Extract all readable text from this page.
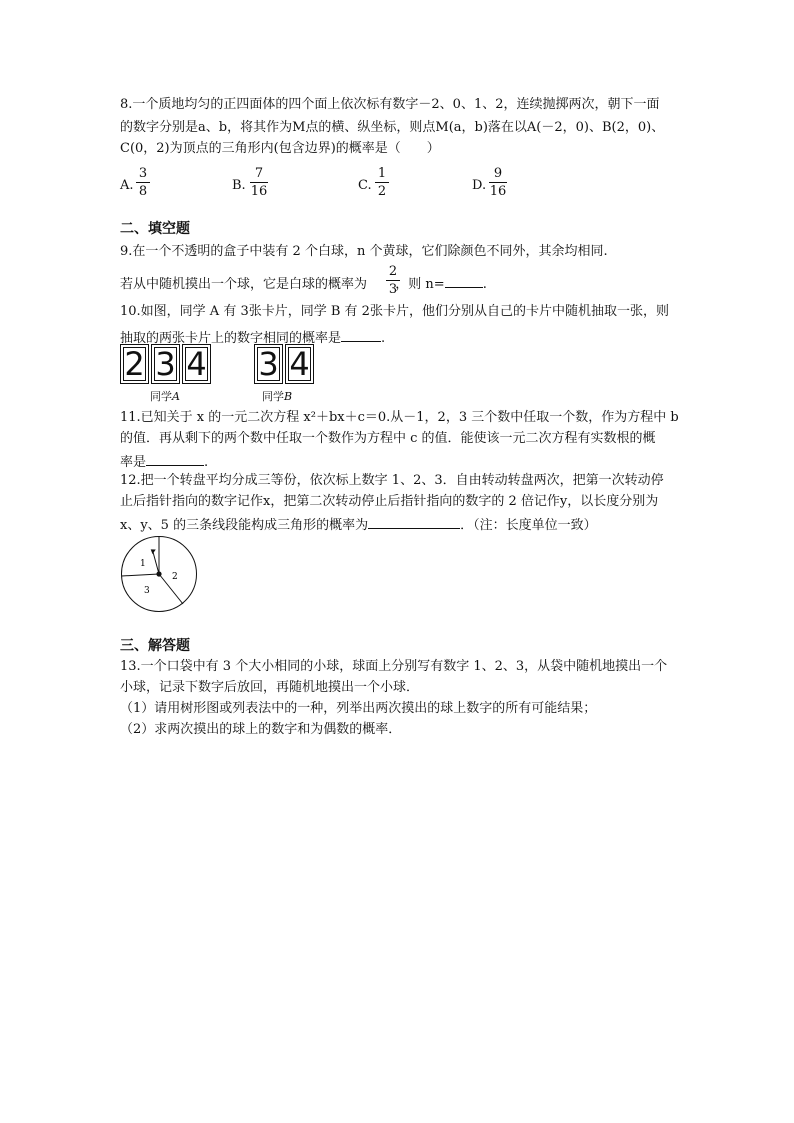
8.一个质地均匀的正四面体的四个面上依次标有数字－2、0、1、2，连续抛掷两次，朝下一面
的数字分别是a、b，将其作为M点的横、纵坐标，则点M(a，b)落在以A(－2，0)、B(2，0)、
C(0，2)为顶点的三角形内(包含边界)的概率是（　　）
A.
3
8	B.
7
16	C.
1
2	D.
9
16
二、填空题
9.在一个不透明的盒子中装有 2 个白球，n 个黄球，它们除颜色不同外，其余均相同.
若从中随机摸出一个球，它是白球的概率为 ，则 n=	.
2
3
10.如图，同学 A 有 3张卡片，同学 B 有 2张卡片，他们分别从自己的卡片中随机抽取一张，则
抽取的两张卡片上的数字相同的概率是	.
2 3 4 3 4
同学A	同学B
11.已知关于 x 的一元二次方程 x²＋bx＋c＝0.从－1，2，3 三个数中任取一个数，作为方程中 b
的值．再从剩下的两个数中任取一个数作为方程中 c 的值．能使该一元二次方程有实数根的概
率是	.
12.把一个转盘平均分成三等份，依次标上数字 1、2、3．自由转动转盘两次，把第一次转动停
止后指针指向的数字记作x，把第二次转动停止后指针指向的数字的 2 倍记作y，以长度分别为
x、y、5 的三条线段能构成三角形的概率为	．（注：长度单位一致）
1
2
3
三、解答题
13.一个口袋中有 3 个大小相同的小球，球面上分别写有数字 1、2、3，从袋中随机地摸出一个
小球，记录下数字后放回，再随机地摸出一个小球．
（1）请用树形图或列表法中的一种，列举出两次摸出的球上数字的所有可能结果；
（2）求两次摸出的球上的数字和为偶数的概率．
